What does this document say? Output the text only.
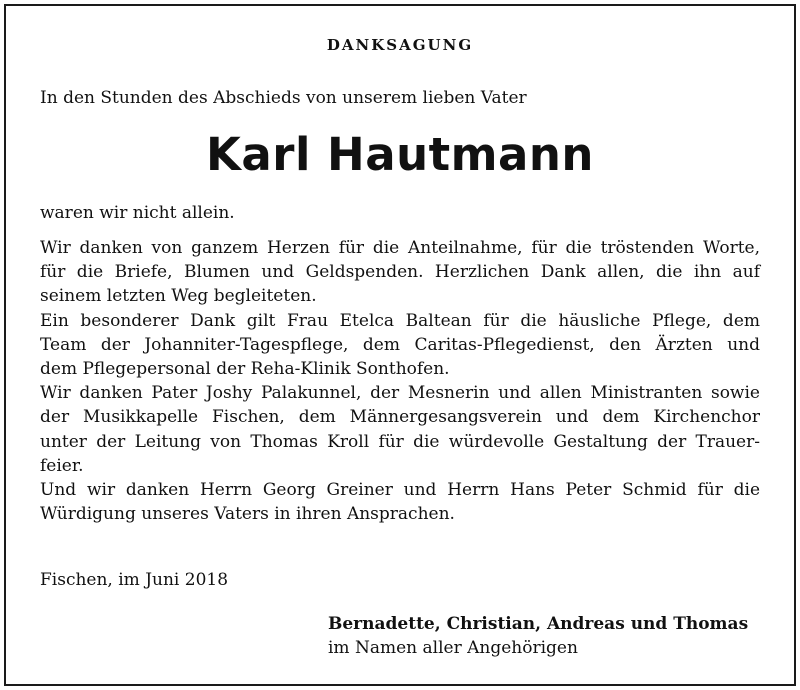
DANKSAGUNG
In den Stunden des Abschieds von unserem lieben Vater
Karl Hautmann
waren wir nicht allein.
Wir danken von ganzem Herzen für die Anteilnahme, für die tröstenden Worte,
für die Briefe, Blumen und Geldspenden. Herzlichen Dank allen, die ihn auf
seinem letzten Weg begleiteten.
Ein besonderer Dank gilt Frau Etelca Baltean für die häusliche Pflege, dem
Team der Johanniter-Tagespflege, dem Caritas-Pflegedienst, den Ärzten und
dem Pflegepersonal der Reha-Klinik Sonthofen.
Wir danken Pater Joshy Palakunnel, der Mesnerin und allen Ministranten sowie
der Musikkapelle Fischen, dem Männergesangsverein und dem Kirchenchor
unter der Leitung von Thomas Kroll für die würdevolle Gestaltung der Trauer-
feier.
Und wir danken Herrn Georg Greiner und Herrn Hans Peter Schmid für die
Würdigung unseres Vaters in ihren Ansprachen.
Fischen, im Juni 2018
Bernadette, Christian, Andreas und Thomas
im Namen aller Angehörigen
